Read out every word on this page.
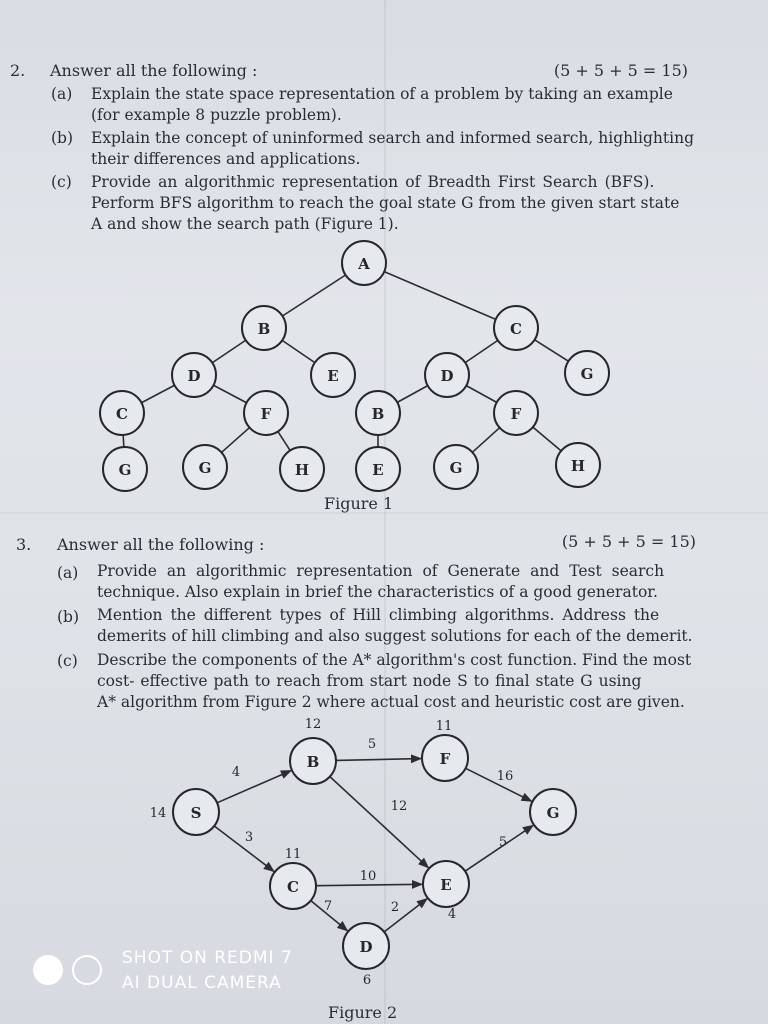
2. Answer all the following :	(5 + 5 + 5 = 15)
(a) Explain the state space representation of a problem by taking an example
(for example 8 puzzle problem).
(b) Explain the concept of uninformed search and informed search, highlighting
their differences and applications.
(c) Provide an algorithmic representation of Breadth First Search (BFS).
Perform BFS algorithm to reach the goal state G from the given start state
A and show the search path (Figure 1).
A
B	C
D	E	D	G
C	F	B	F
G	G	H	E	G	H
Figure 1
3. Answer all the following :	(5 + 5 + 5 = 15)
(a) Provide an algorithmic representation of Generate and Test search
technique. Also explain in brief the characteristics of a good generator.
(b) Mention the different types of Hill climbing algorithms. Address the
demerits of hill climbing and also suggest solutions for each of the demerit.
(c) Describe the components of the A* algorithm's cost function. Find the most
cost- effective path to reach from start node S to final state G using
A* algorithm from Figure 2 where actual cost and heuristic cost are given.
4
3
5
12
16
10
7	2
5
S
14
B
12
F
11
G
C
11
E
4
D
6
Figure 2
SHOT ON REDMI 7
AI DUAL CAMERA
